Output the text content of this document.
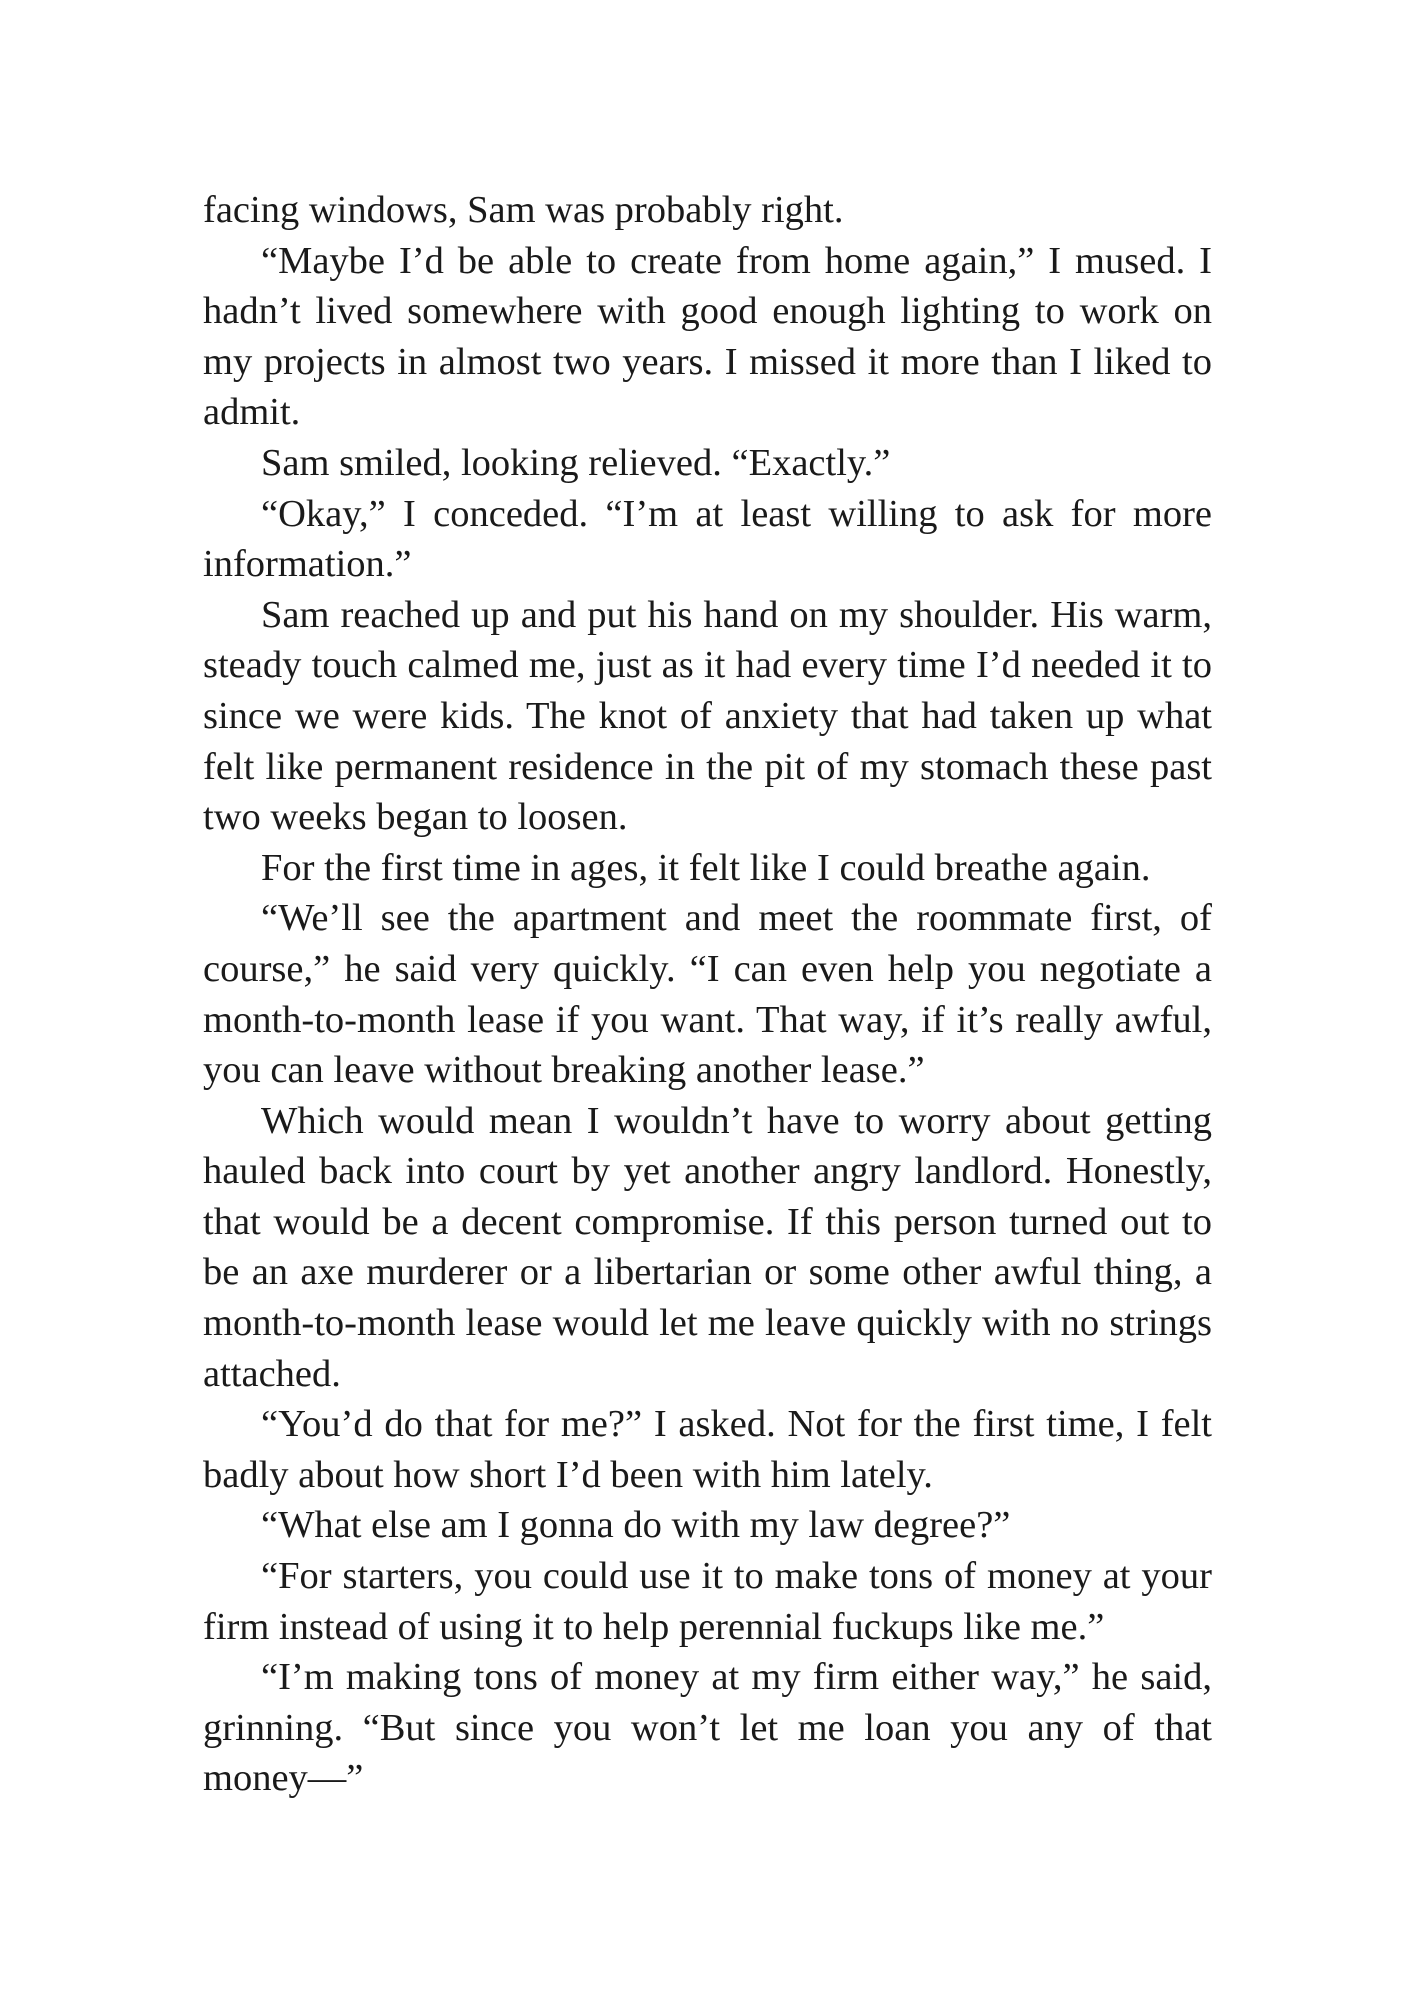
facing windows, Sam was probably right.

“Maybe I’d be able to create from home again,” I mused. I hadn’t lived somewhere with good enough lighting to work on my projects in almost two years. I missed it more than I liked to admit.

Sam smiled, looking relieved. “Exactly.”

“Okay,” I conceded. “I’m at least willing to ask for more information.”

Sam reached up and put his hand on my shoulder. His warm, steady touch calmed me, just as it had every time I’d needed it to since we were kids. The knot of anxiety that had taken up what felt like permanent residence in the pit of my stomach these past two weeks began to loosen.

For the first time in ages, it felt like I could breathe again.

“We’ll see the apartment and meet the roommate first, of course,” he said very quickly. “I can even help you negotiate a month-to-month lease if you want. That way, if it’s really awful, you can leave without breaking another lease.”

Which would mean I wouldn’t have to worry about getting hauled back into court by yet another angry landlord. Honestly, that would be a decent compromise. If this person turned out to be an axe murderer or a libertarian or some other awful thing, a month-to-month lease would let me leave quickly with no strings attached.

“You’d do that for me?” I asked. Not for the first time, I felt badly about how short I’d been with him lately.

“What else am I gonna do with my law degree?”

“For starters, you could use it to make tons of money at your firm instead of using it to help perennial fuckups like me.”

“I’m making tons of money at my firm either way,” he said, grinning. “But since you won’t let me loan you any of that money—”
